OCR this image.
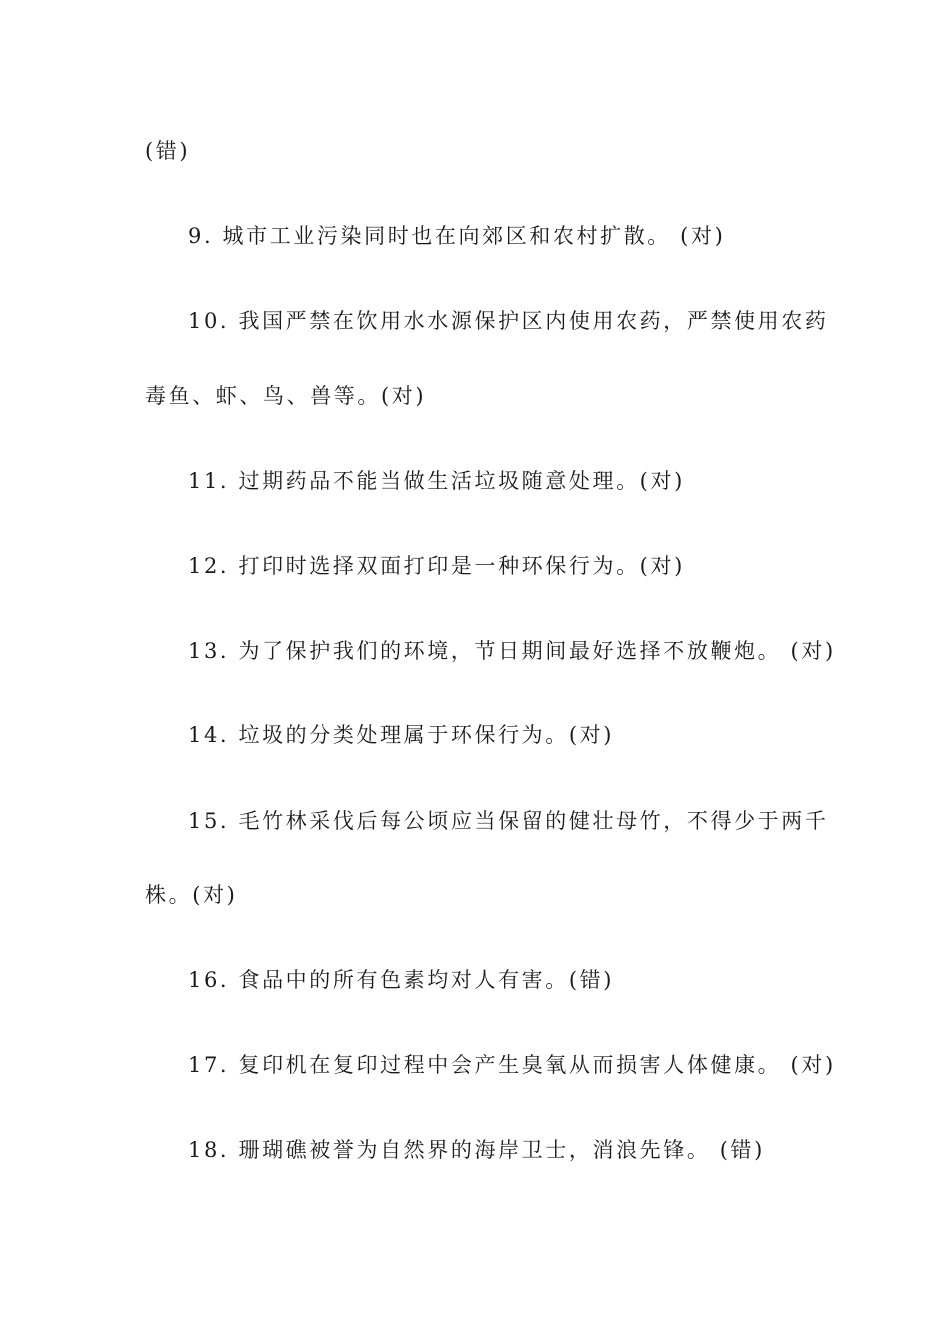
(错)
9. 城市工业污染同时也在向郊区和农村扩散。 (对)
10. 我国严禁在饮用水水源保护区内使用农药，严禁使用农药
毒鱼、虾、鸟、兽等。(对)
11. 过期药品不能当做生活垃圾随意处理。(对)
12. 打印时选择双面打印是一种环保行为。(对)
13. 为了保护我们的环境，节日期间最好选择不放鞭炮。 (对)
14. 垃圾的分类处理属于环保行为。(对)
15. 毛竹林采伐后每公顷应当保留的健壮母竹，不得少于两千
株。(对)
16. 食品中的所有色素均对人有害。(错)
17. 复印机在复印过程中会产生臭氧从而损害人体健康。 (对)
18. 珊瑚礁被誉为自然界的海岸卫士，消浪先锋。 (错)
